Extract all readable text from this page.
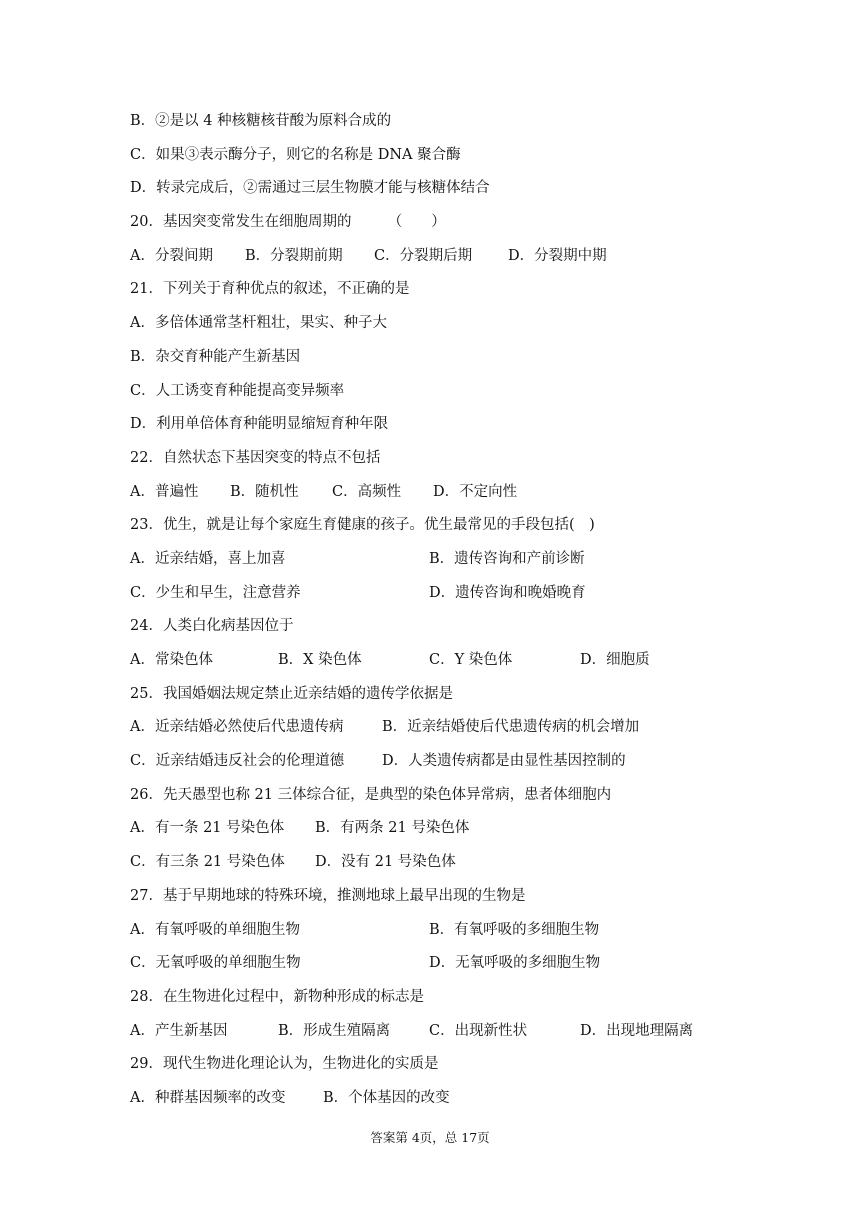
B．②是以 4 种核糖核苷酸为原料合成的
C．如果③表示酶分子，则它的名称是 DNA 聚合酶
D．转录完成后，②需通过三层生物膜才能与核糖体结合
20．基因突变常发生在细胞周期的　　　（　　）
A．分裂间期 B．分裂期前期 C．分裂期后期 D．分裂期中期
21．下列关于育种优点的叙述，不正确的是
A．多倍体通常茎杆粗壮，果实、种子大
B．杂交育种能产生新基因
C．人工诱变育种能提高变异频率
D．利用单倍体育种能明显缩短育种年限
22．自然状态下基因突变的特点不包括
A．普遍性 B．随机性 C．高频性 D．不定向性
23．优生，就是让每个家庭生育健康的孩子。优生最常见的手段包括(　)
A．近亲结婚，喜上加喜	B．遗传咨询和产前诊断
C．少生和早生，注意营养	D．遗传咨询和晚婚晚育
24．人类白化病基因位于
A．常染色体	B．X 染色体	C．Y 染色体	D．细胞质
25．我国婚姻法规定禁止近亲结婚的遗传学依据是
A．近亲结婚必然使后代患遗传病	B．近亲结婚使后代患遗传病的机会增加
C．近亲结婚违反社会的伦理道德	D．人类遗传病都是由显性基因控制的
26．先天愚型也称 21 三体综合征，是典型的染色体异常病，患者体细胞内
A．有一条 21 号染色体 B．有两条 21 号染色体
C．有三条 21 号染色体 D．没有 21 号染色体
27．基于早期地球的特殊环境，推测地球上最早出现的生物是
A．有氧呼吸的单细胞生物	B．有氧呼吸的多细胞生物
C．无氧呼吸的单细胞生物	D．无氧呼吸的多细胞生物
28．在生物进化过程中，新物种形成的标志是
A．产生新基因	B．形成生殖隔离	C．出现新性状	D．出现地理隔离
29．现代生物进化理论认为，生物进化的实质是
A．种群基因频率的改变	B．个体基因的改变
答案第 4页，总 17页
